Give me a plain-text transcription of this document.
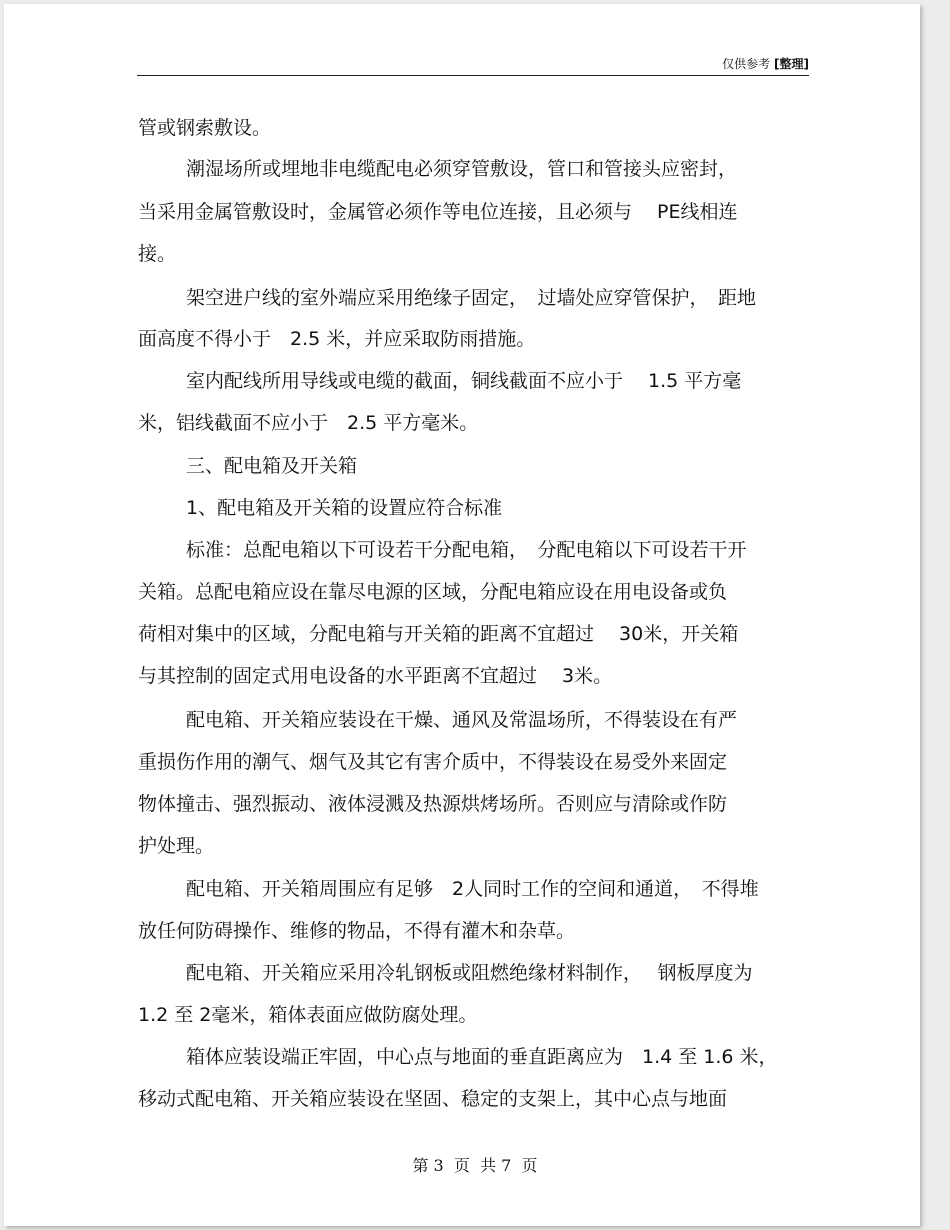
仅供参考 [整理]
管或钢索敷设。
潮湿场所或埋地非电缆配电必须穿管敷设，管口和管接头应密封，
当采用金属管敷设时，金属管必须作等电位连接，且必须与　 PE线相连
接。
架空进户线的室外端应采用绝缘子固定，　过墙处应穿管保护，　距地
面高度不得小于　2.5 米，并应采取防雨措施。
室内配线所用导线或电缆的截面，铜线截面不应小于　 1.5 平方毫
米，铝线截面不应小于　2.5 平方毫米。
三、配电箱及开关箱
1、配电箱及开关箱的设置应符合标准
标准：总配电箱以下可设若干分配电箱，　分配电箱以下可设若干开
关箱。总配电箱应设在靠尽电源的区域，分配电箱应设在用电设备或负
荷相对集中的区域，分配电箱与开关箱的距离不宜超过　 30米，开关箱
与其控制的固定式用电设备的水平距离不宜超过　 3米。
配电箱、开关箱应装设在干燥、通风及常温场所，不得装设在有严
重损伤作用的潮气、烟气及其它有害介质中，不得装设在易受外来固定
物体撞击、强烈振动、液体浸溅及热源烘烤场所。否则应与清除或作防
护处理。
配电箱、开关箱周围应有足够　2人同时工作的空间和通道，　不得堆
放任何防碍操作、维修的物品，不得有灌木和杂草。
配电箱、开关箱应采用冷轧钢板或阻燃绝缘材料制作，　 钢板厚度为
1.2 至 2毫米，箱体表面应做防腐处理。
箱体应装设端正牢固，中心点与地面的垂直距离应为　1.4 至 1.6 米，
移动式配电箱、开关箱应装设在坚固、稳定的支架上，其中心点与地面
第 3  页  共 7  页
